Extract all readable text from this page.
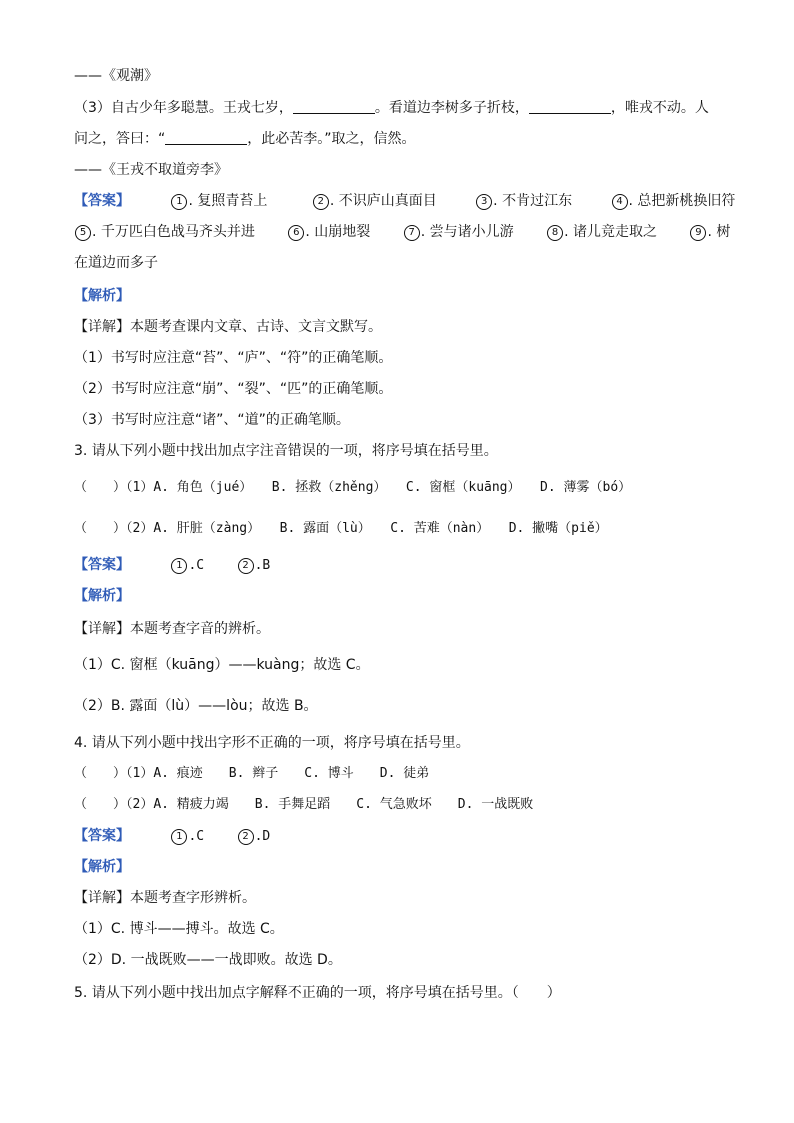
——《观潮》
（3）自古少年多聪慧。王戎七岁，	。看道边李树多子折枝，	，唯戎不动。人
问之，答曰：“	，此必苦李。”取之，信然。
——《王戎不取道旁李》
【答案】	1 . 复照青苔上	2 . 不识庐山真面目	3 . 不肯过江东	4 . 总把新桃换旧符
5 . 千万匹白色战马齐头并进	6 . 山崩地裂	7 . 尝与诸小儿游	8 . 诸儿竞走取之	9 . 树
在道边而多子
【解析】
【详解】本题考查课内文章、古诗、文言文默写。
（1）书写时应注意“苔”、“庐”、“符”的正确笔顺。
（2）书写时应注意“崩”、“裂”、“匹”的正确笔顺。
（3）书写时应注意“诸”、“道”的正确笔顺。
3. 请从下列小题中找出加点字注音错误的一项，将序号填在括号里。
（　　）（1）A. 角色（jué）　　B. 拯救（zhěng）　　C. 窗框（kuāng）　　D. 薄雾（bó）
（　　）（2）A. 肝脏（zàng）　　B. 露面（lù）　　C. 苦难（nàn）　　D. 撇嘴（piě）
【答案】	1 .C	2 .B
【解析】
【详解】本题考查字音的辨析。
（1）C. 窗框（kuāng）——kuàng；故选 C。
（2）B. 露面（lù）——lòu；故选 B。
4. 请从下列小题中找出字形不正确的一项，将序号填在括号里。
（　　）（1）A. 痕迹　　B. 辫子　　C. 博斗　　D. 徒弟
（　　）（2）A. 精疲力竭　　B. 手舞足蹈　　C. 气急败坏　　D. 一战既败
【答案】	1 .C	2 .D
【解析】
【详解】本题考查字形辨析。
（1）C. 博斗——搏斗。故选 C。
（2）D. 一战既败——一战即败。故选 D。
5. 请从下列小题中找出加点字解释不正确的一项，将序号填在括号里。（　　）
